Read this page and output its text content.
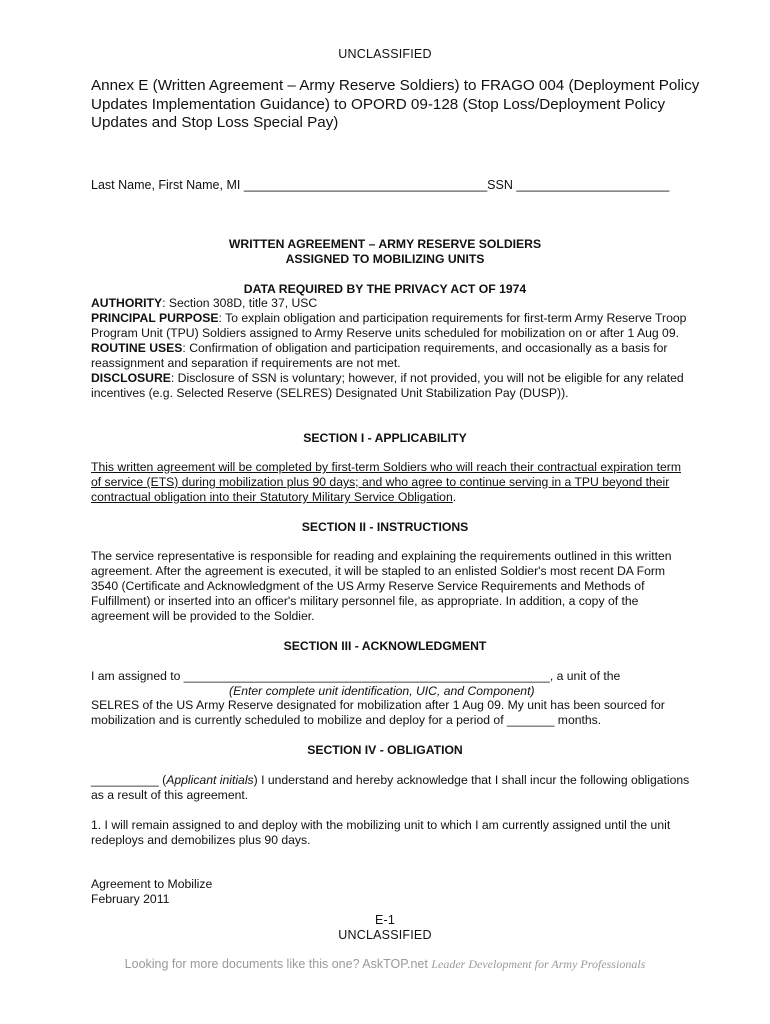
UNCLASSIFIED
Annex E (Written Agreement – Army Reserve Soldiers) to FRAGO 004 (Deployment Policy Updates Implementation Guidance) to OPORD 09-128 (Stop Loss/Deployment Policy Updates and Stop Loss Special Pay)
Last Name, First Name, MI ___________________________________SSN ______________________
WRITTEN AGREEMENT – ARMY RESERVE SOLDIERS
ASSIGNED TO MOBILIZING UNITS
DATA REQUIRED BY THE PRIVACY ACT OF 1974
AUTHORITY: Section 308D, title 37, USC
PRINCIPAL PURPOSE: To explain obligation and participation requirements for first-term Army Reserve Troop Program Unit (TPU) Soldiers assigned to Army Reserve units scheduled for mobilization on or after 1 Aug 09.
ROUTINE USES: Confirmation of obligation and participation requirements, and occasionally as a basis for reassignment and separation if requirements are not met.
DISCLOSURE: Disclosure of SSN is voluntary; however, if not provided, you will not be eligible for any related incentives (e.g. Selected Reserve (SELRES) Designated Unit Stabilization Pay (DUSP)).
SECTION I - APPLICABILITY
This written agreement will be completed by first-term Soldiers who will reach their contractual expiration term of service (ETS) during mobilization plus 90 days; and who agree to continue serving in a TPU beyond their contractual obligation into their Statutory Military Service Obligation.
SECTION II - INSTRUCTIONS
The service representative is responsible for reading and explaining the requirements outlined in this written agreement. After the agreement is executed, it will be stapled to an enlisted Soldier's most recent DA Form 3540 (Certificate and Acknowledgment of the US Army Reserve Service Requirements and Methods of Fulfillment) or inserted into an officer's military personnel file, as appropriate. In addition, a copy of the agreement will be provided to the Soldier.
SECTION III - ACKNOWLEDGMENT
I am assigned to ______________________________________________________, a unit of the
(Enter complete unit identification, UIC, and Component)
SELRES of the US Army Reserve designated for mobilization after 1 Aug 09. My unit has been sourced for mobilization and is currently scheduled to mobilize and deploy for a period of _______ months.
SECTION IV - OBLIGATION
__________ (Applicant initials) I understand and hereby acknowledge that I shall incur the following obligations as a result of this agreement.
1. I will remain assigned to and deploy with the mobilizing unit to which I am currently assigned until the unit redeploys and demobilizes plus 90 days.
Agreement to Mobilize
February 2011
E-1
UNCLASSIFIED
Looking for more documents like this one? AskTOP.net Leader Development for Army Professionals
